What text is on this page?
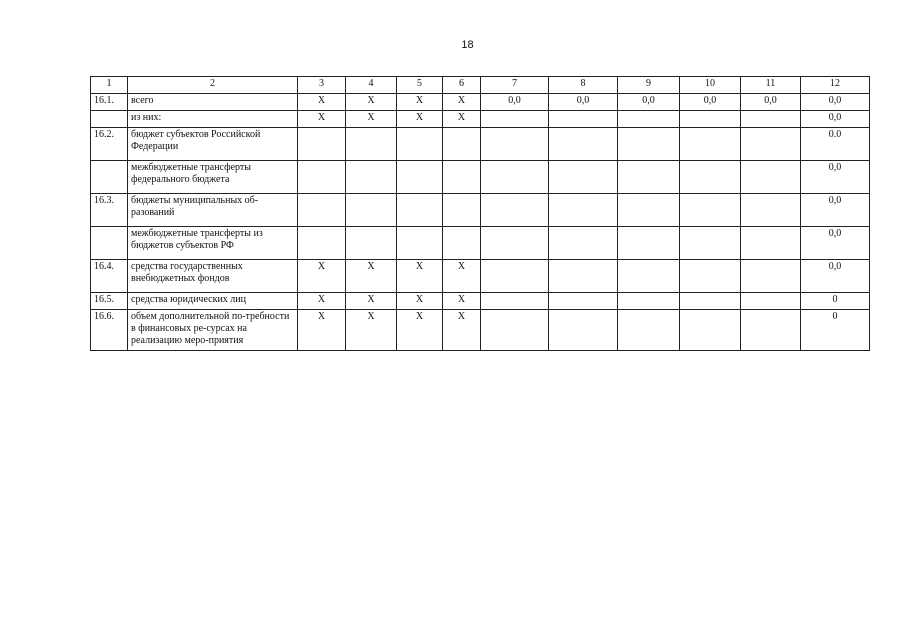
18
1	2	3	4	5	6	7	8	9	10	11	12
16.1.	всего	X	X	X	X	0,0	0,0	0,0	0,0	0,0	0,0
	из них:	X	X	X	X						0,0
16.2.	бюджет субъектов Российской Федерации										0.0
	межбюджетные трансферты федерального бюджета										0,0
16.3.	бюджеты муниципальных об-разований										0,0
	межбюджетные трансферты из бюджетов субъектов РФ										0,0
16.4.	средства государственных внебюджетных фондов	X	X	X	X						0,0
16.5.	средства юридических лиц	X	X	X	X						0
16.6.	объем дополнительной по-требности в финансовых ре-сурсах на реализацию меро-приятия	X	X	X	X						0
